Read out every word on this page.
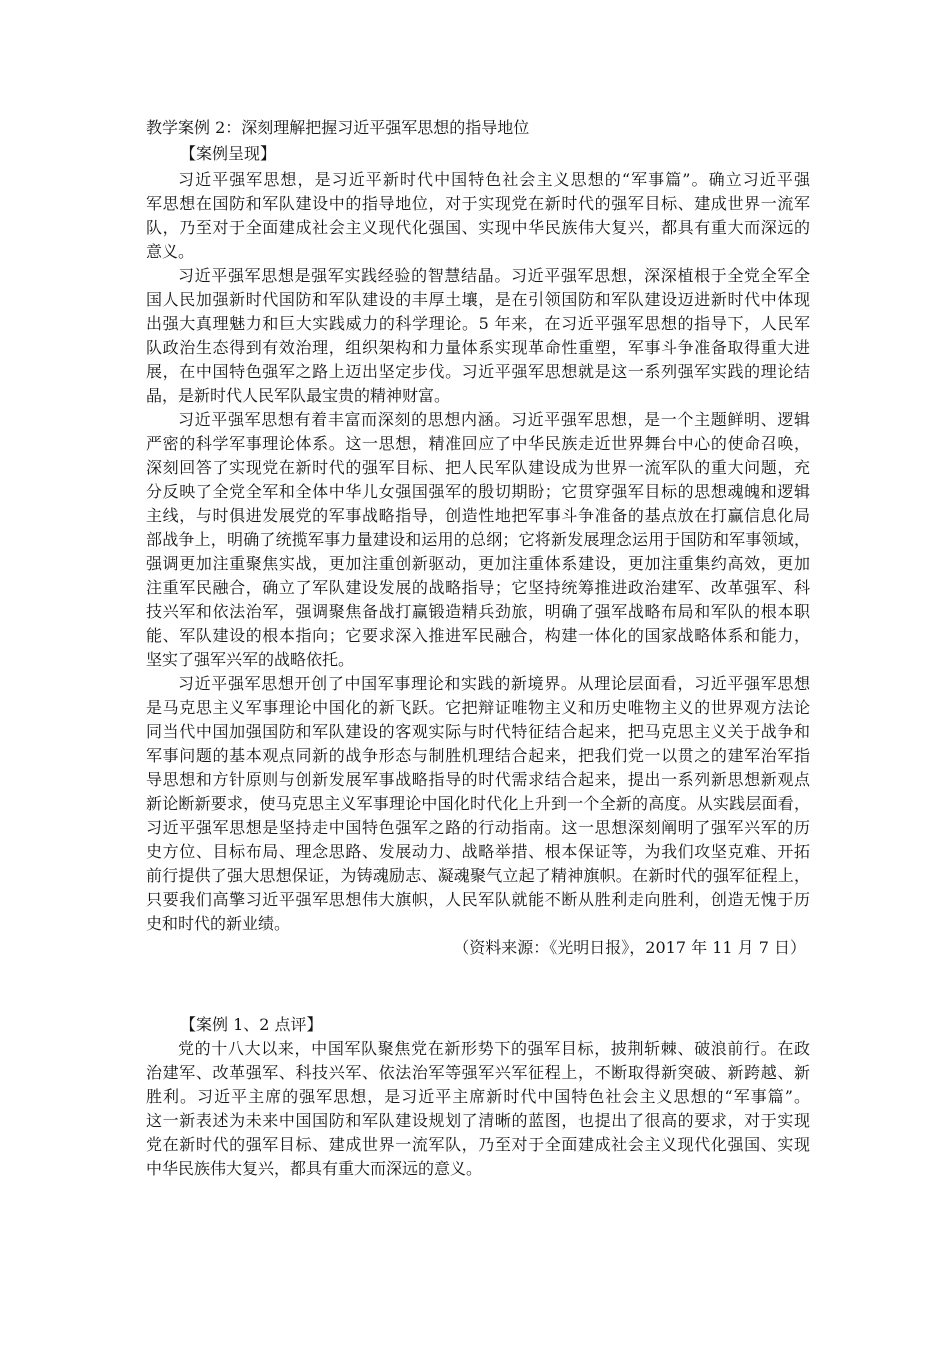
教学案例 2：深刻理解把握习近平强军思想的指导地位
【案例呈现】
习近平强军思想，是习近平新时代中国特色社会主义思想的“军事篇”。确立习近平强
军思想在国防和军队建设中的指导地位，对于实现党在新时代的强军目标、建成世界一流军
队，乃至对于全面建成社会主义现代化强国、实现中华民族伟大复兴，都具有重大而深远的
意义。
习近平强军思想是强军实践经验的智慧结晶。习近平强军思想，深深植根于全党全军全
国人民加强新时代国防和军队建设的丰厚土壤，是在引领国防和军队建设迈进新时代中体现
出强大真理魅力和巨大实践威力的科学理论。5 年来，在习近平强军思想的指导下，人民军
队政治生态得到有效治理，组织架构和力量体系实现革命性重塑，军事斗争准备取得重大进
展，在中国特色强军之路上迈出坚定步伐。习近平强军思想就是这一系列强军实践的理论结
晶，是新时代人民军队最宝贵的精神财富。
习近平强军思想有着丰富而深刻的思想内涵。习近平强军思想，是一个主题鲜明、逻辑
严密的科学军事理论体系。这一思想，精准回应了中华民族走近世界舞台中心的使命召唤，
深刻回答了实现党在新时代的强军目标、把人民军队建设成为世界一流军队的重大问题，充
分反映了全党全军和全体中华儿女强国强军的殷切期盼；它贯穿强军目标的思想魂魄和逻辑
主线，与时俱进发展党的军事战略指导，创造性地把军事斗争准备的基点放在打赢信息化局
部战争上，明确了统揽军事力量建设和运用的总纲；它将新发展理念运用于国防和军事领域，
强调更加注重聚焦实战，更加注重创新驱动，更加注重体系建设，更加注重集约高效，更加
注重军民融合，确立了军队建设发展的战略指导；它坚持统筹推进政治建军、改革强军、科
技兴军和依法治军，强调聚焦备战打赢锻造精兵劲旅，明确了强军战略布局和军队的根本职
能、军队建设的根本指向；它要求深入推进军民融合，构建一体化的国家战略体系和能力，
坚实了强军兴军的战略依托。
习近平强军思想开创了中国军事理论和实践的新境界。从理论层面看，习近平强军思想
是马克思主义军事理论中国化的新飞跃。它把辩证唯物主义和历史唯物主义的世界观方法论
同当代中国加强国防和军队建设的客观实际与时代特征结合起来，把马克思主义关于战争和
军事问题的基本观点同新的战争形态与制胜机理结合起来，把我们党一以贯之的建军治军指
导思想和方针原则与创新发展军事战略指导的时代需求结合起来，提出一系列新思想新观点
新论断新要求，使马克思主义军事理论中国化时代化上升到一个全新的高度。从实践层面看，
习近平强军思想是坚持走中国特色强军之路的行动指南。这一思想深刻阐明了强军兴军的历
史方位、目标布局、理念思路、发展动力、战略举措、根本保证等，为我们攻坚克难、开拓
前行提供了强大思想保证，为铸魂励志、凝魂聚气立起了精神旗帜。在新时代的强军征程上，
只要我们高擎习近平强军思想伟大旗帜，人民军队就能不断从胜利走向胜利，创造无愧于历
史和时代的新业绩。
（资料来源：《光明日报》，2017 年 11 月 7 日）
【案例 1、2 点评】
党的十八大以来，中国军队聚焦党在新形势下的强军目标，披荆斩棘、破浪前行。在政
治建军、改革强军、科技兴军、依法治军等强军兴军征程上，不断取得新突破、新跨越、新
胜利。习近平主席的强军思想，是习近平主席新时代中国特色社会主义思想的“军事篇”。
这一新表述为未来中国国防和军队建设规划了清晰的蓝图，也提出了很高的要求，对于实现
党在新时代的强军目标、建成世界一流军队，乃至对于全面建成社会主义现代化强国、实现
中华民族伟大复兴，都具有重大而深远的意义。
